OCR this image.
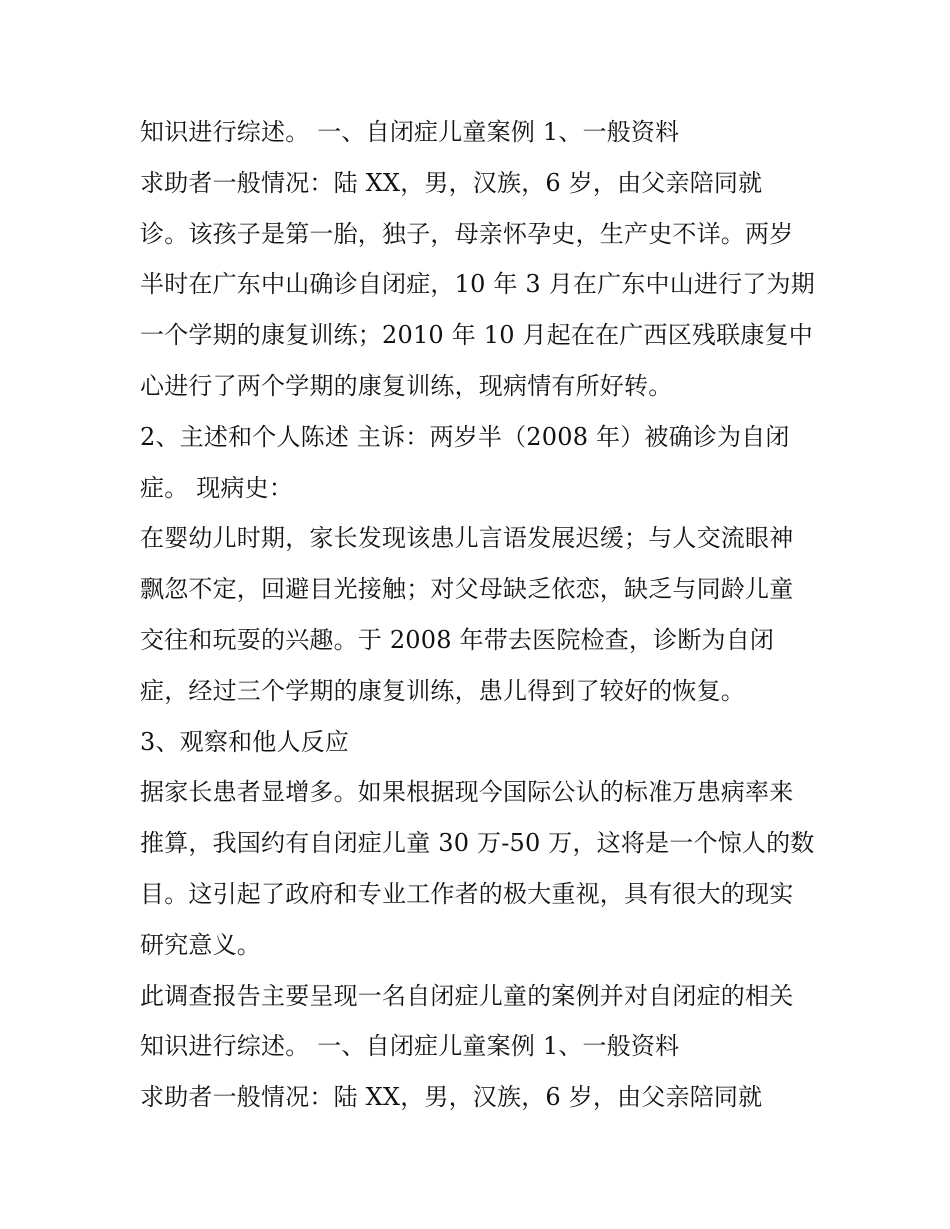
知识进行综述。 一、自闭症儿童案例 1、一般资料
求助者一般情况：陆 XX，男，汉族，6 岁，由父亲陪同就
诊。该孩子是第一胎，独子，母亲怀孕史，生产史不详。两岁
半时在广东中山确诊自闭症，10 年 3 月在广东中山进行了为期
一个学期的康复训练；2010 年 10 月起在在广西区残联康复中
心进行了两个学期的康复训练，现病情有所好转。
2、主述和个人陈述 主诉：两岁半（2008 年）被确诊为自闭
症。 现病史：
在婴幼儿时期，家长发现该患儿言语发展迟缓；与人交流眼神
飘忽不定，回避目光接触；对父母缺乏依恋，缺乏与同龄儿童
交往和玩耍的兴趣。于 2008 年带去医院检查，诊断为自闭
症，经过三个学期的康复训练，患儿得到了较好的恢复。
3、观察和他人反应
据家长患者显增多。如果根据现今国际公认的标准万患病率来
推算，我国约有自闭症儿童 30 万-50 万，这将是一个惊人的数
目。这引起了政府和专业工作者的极大重视，具有很大的现实
研究意义。
此调查报告主要呈现一名自闭症儿童的案例并对自闭症的相关
知识进行综述。 一、自闭症儿童案例 1、一般资料
求助者一般情况：陆 XX，男，汉族，6 岁，由父亲陪同就
